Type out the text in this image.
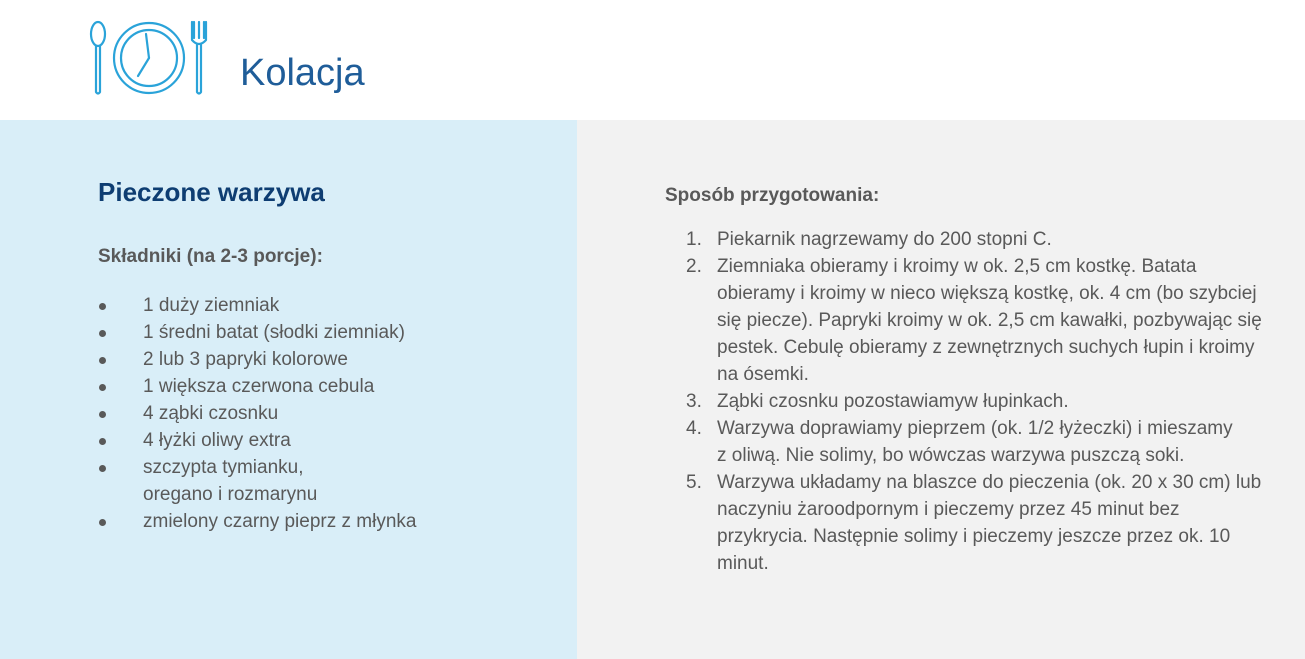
Kolacja
Pieczone warzywa
Składniki (na 2-3 porcje):
1 duży ziemniak
1 średni batat (słodki ziemniak)
2 lub 3 papryki kolorowe
1 większa czerwona cebula
4 ząbki czosnku
4 łyżki oliwy extra
szczypta tymianku, oregano i rozmarynu
zmielony czarny pieprz z młynka
Sposób przygotowania:
1. Piekarnik nagrzewamy do 200 stopni C.
2. Ziemniaka obieramy i kroimy w ok. 2,5 cm kostkę. Batata obieramy i kroimy w nieco większą kostkę, ok. 4 cm (bo szybciej się piecze). Papryki kroimy w ok. 2,5 cm kawałki, pozbywając się pestek. Cebulę obieramy z zewnętrznych suchych łupin i kroimy na ósemki.
3. Ząbki czosnku pozostawiamyw łupinkach.
4. Warzywa doprawiamy pieprzem (ok. 1/2 łyżeczki) i mieszamy z oliwą. Nie solimy, bo wówczas warzywa puszczą soki.
5. Warzywa układamy na blaszce do pieczenia (ok. 20 x 30 cm) lub naczyniu żaroodpornym i pieczemy przez 45 minut bez przykrycia. Następnie solimy i pieczemy jeszcze przez ok. 10 minut.
